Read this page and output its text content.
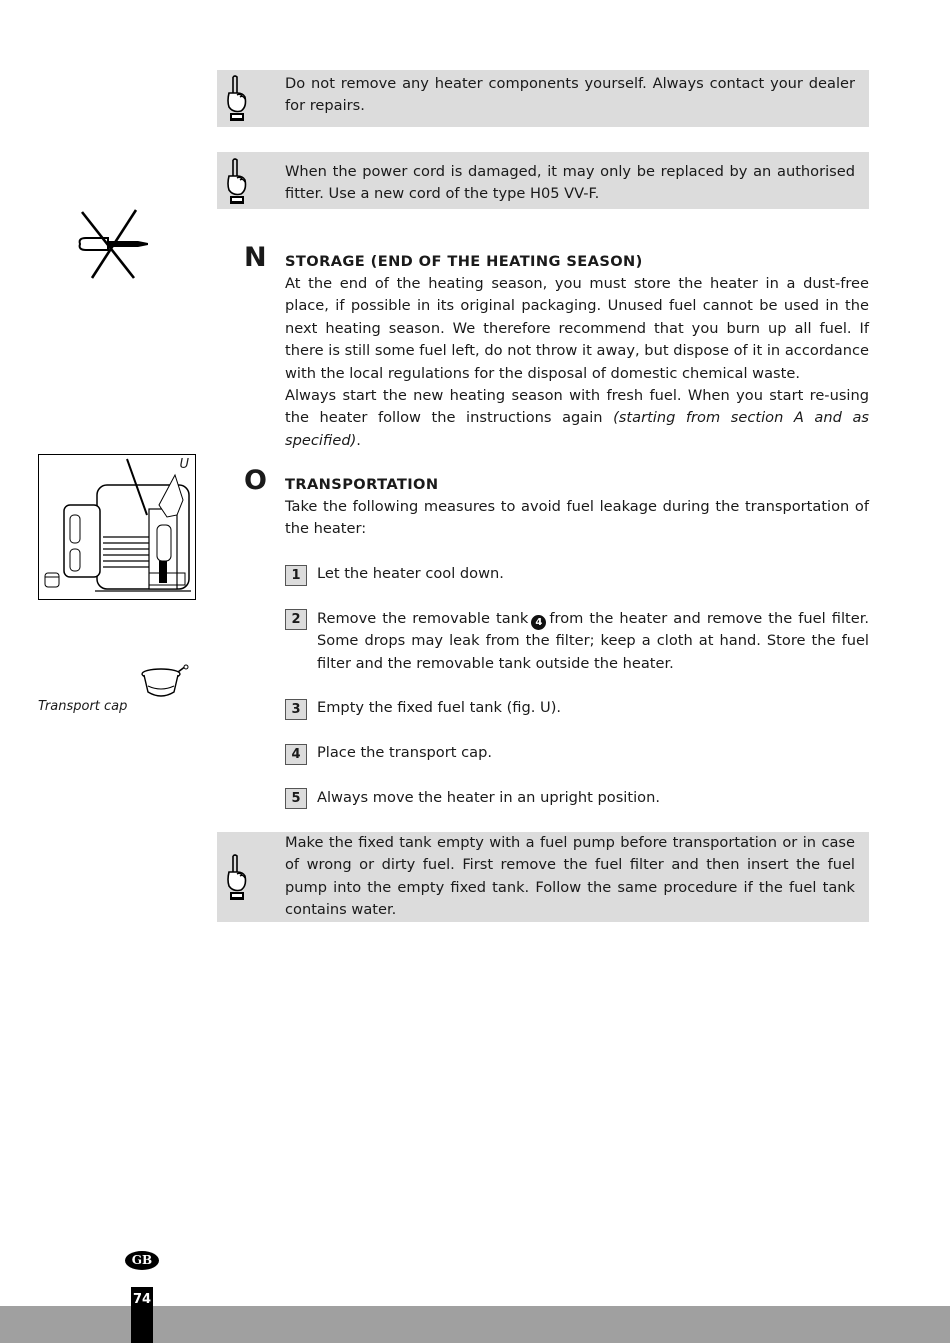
Do not remove any heater components yourself. Always contact your dealer for repairs.
When the power cord is damaged, it may only be replaced by an authorised fitter. Use a new cord of the type H05 VV-F.
N STORAGE (END OF THE HEATING SEASON)
At the end of the heating season, you must store the heater in a dust-free place, if possible in its original packaging. Unused fuel cannot be used in the next heating season. We therefore recommend that you burn up all fuel. If there is still some fuel left, do not throw it away, but dispose of it in accordance with the local regulations for the disposal of domestic chemical waste.
Always start the new heating season with fresh fuel. When you start re-using the heater follow the instructions again (starting from section A and as specified).
U
O TRANSPORTATION
Take the following measures to avoid fuel leakage during the transportation of the heater:
1	Let the heater cool down.
2	Remove the removable tank 4 from the heater and remove the fuel filter. Some drops may leak from the filter; keep a cloth at hand. Store the fuel filter and the removable tank outside the heater.
3	Empty the fixed fuel tank (fig. U).
4	Place the transport cap.
5	Always move the heater in an upright position.
Transport cap
Make the fixed tank empty with a fuel pump before transportation or in case of wrong or dirty fuel. First remove the fuel filter and then insert the fuel pump into the empty fixed tank. Follow the same procedure if the fuel tank contains water.
GB
74
